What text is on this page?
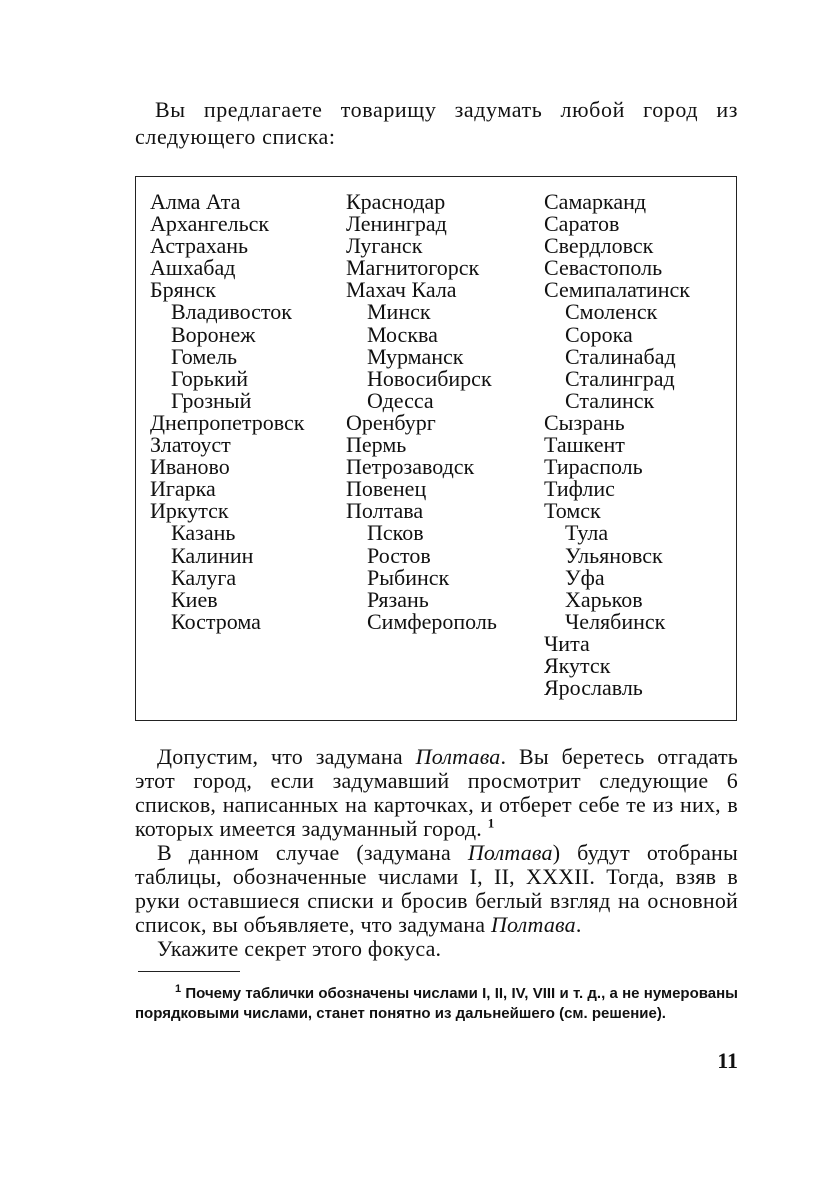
Вы предлагаете товарищу задумать любой город из следующего списка:

Алма Ата
Архангельск
Астрахань
Ашхабад
Брянск
Владивосток
Воронеж
Гомель
Горький
Грозный
Днепропетровск
Златоуст
Иваново
Игарка
Иркутск
Казань
Калинин
Калуга
Киев
Кострома
Краснодар
Ленинград
Луганск
Магнитогорск
Махач Кала
Минск
Москва
Мурманск
Новосибирск
Одесса
Оренбург
Пермь
Петрозаводск
Повенец
Полтава
Псков
Ростов
Рыбинск
Рязань
Симферополь
Самарканд
Саратов
Свердловск
Севастополь
Семипалатинск
Смоленск
Сорока
Сталинабад
Сталинград
Сталинск
Сызрань
Ташкент
Тирасполь
Тифлис
Томск
Тула
Ульяновск
Уфа
Харьков
Челябинск
Чита
Якутск
Ярославль

Допустим, что задумана Полтава. Вы беретесь отгадать этот город, если задумавший просмотрит следующие 6 списков, написанных на карточках, и отберет себе те из них, в которых имеется задуманный город. $^1$

В данном случае (задумана Полтава) будут отобраны таблицы, обозначенные числами I, II, XXXII. Тогда, взяв в руки оставшиеся списки и бросив беглый взгляд на основной список, вы объявляете, что задумана Полтава.

Укажите секрет этого фокуса.

$^1$ Почему таблички обозначены числами I, II, IV, VIII и т. д., а не нумерованы порядковыми числами, станет понятно из дальнейшего (см. решение).

11
